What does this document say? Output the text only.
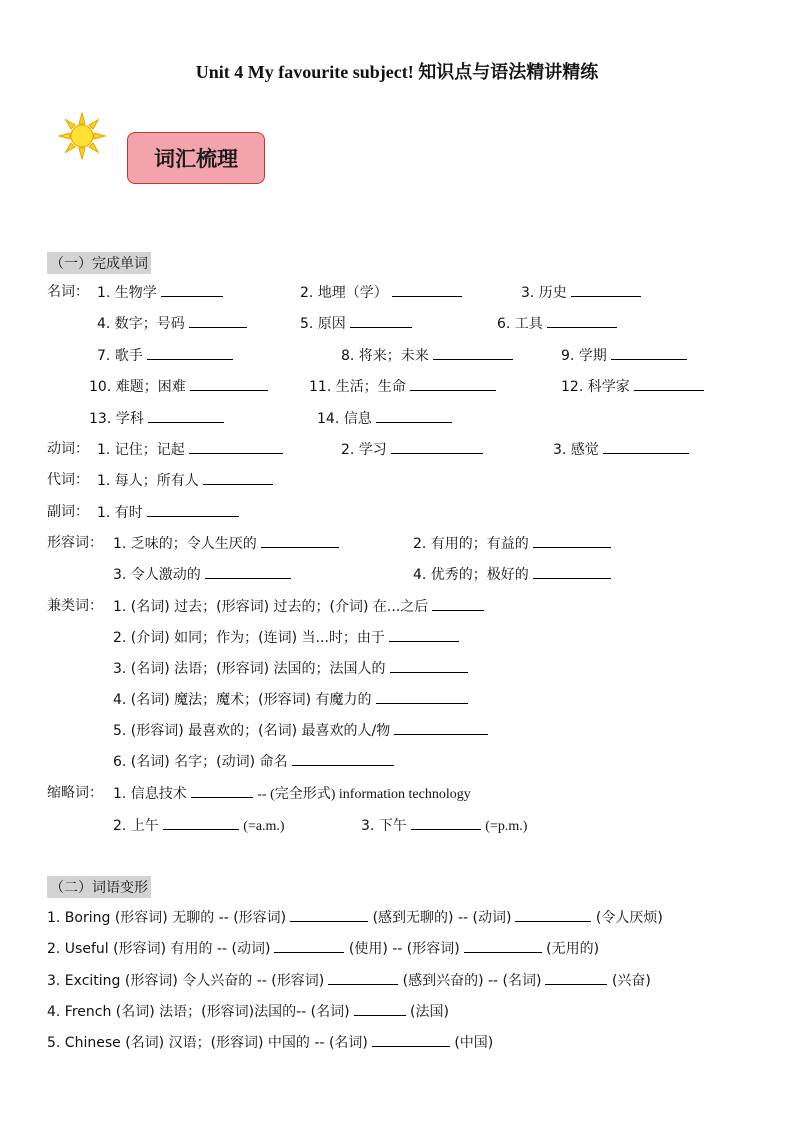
Unit 4 My favourite subject! 知识点与语法精讲精练
词汇梳理
（一）完成单词
名词： 1. 生物学	2. 地理（学）	3. 历史
4. 数字；号码	5. 原因	6. 工具
7. 歌手	8. 将来；未来	9. 学期
10. 难题；困难	11. 生活；生命	12. 科学家
13. 学科	14. 信息
动词： 1. 记住；记起	2. 学习	3. 感觉
代词： 1. 每人；所有人
副词： 1. 有时
形容词： 1. 乏味的；令人生厌的	2. 有用的；有益的
3. 令人激动的	4. 优秀的；极好的
兼类词： 1. (名词) 过去；(形容词) 过去的；(介词) 在...之后
2. (介词) 如同；作为；(连词) 当...时；由于
3. (名词) 法语；(形容词) 法国的；法国人的
4. (名词) 魔法；魔术；(形容词) 有魔力的
5. (形容词) 最喜欢的；(名词) 最喜欢的人/物
6. (名词) 名字；(动词) 命名
缩略词： 1. 信息技术	-- (完全形式) information technology
2. 上午	(=a.m.)	3. 下午	(=p.m.)
（二）词语变形
1. Boring (形容词) 无聊的 -- (形容词)	(感到无聊的) -- (动词)	(令人厌烦)
2. Useful (形容词) 有用的 -- (动词)	(使用) -- (形容词)	(无用的)
3. Exciting (形容词) 令人兴奋的 -- (形容词)	(感到兴奋的) -- (名词)	(兴奋)
4. French (名词) 法语；(形容词)法国的-- (名词)	(法国)
5. Chinese (名词) 汉语；(形容词) 中国的 -- (名词)	(中国)
